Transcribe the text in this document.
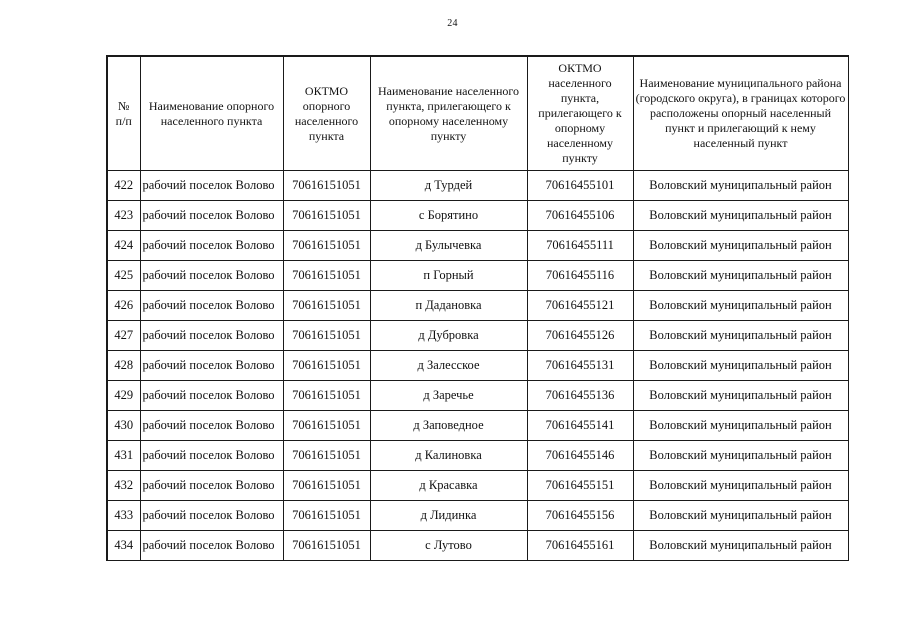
24
№
п/п	Наименование опорного населенного пункта	ОКТМО опорного населенного пункта	Наименование населенного пункта, прилегающего к опорному населенному пункту	ОКТМО населенного пункта, прилегающего к опорному населенному пункту	Наименование муниципального района (городского округа), в границах которого расположены опорный населенный пункт и прилегающий к нему населенный пункт
422	рабочий поселок Волово	70616151051	д Турдей	70616455101	Воловский муниципальный район
423	рабочий поселок Волово	70616151051	с Борятино	70616455106	Воловский муниципальный район
424	рабочий поселок Волово	70616151051	д Булычевка	70616455111	Воловский муниципальный район
425	рабочий поселок Волово	70616151051	п Горный	70616455116	Воловский муниципальный район
426	рабочий поселок Волово	70616151051	п Дадановка	70616455121	Воловский муниципальный район
427	рабочий поселок Волово	70616151051	д Дубровка	70616455126	Воловский муниципальный район
428	рабочий поселок Волово	70616151051	д Залесское	70616455131	Воловский муниципальный район
429	рабочий поселок Волово	70616151051	д Заречье	70616455136	Воловский муниципальный район
430	рабочий поселок Волово	70616151051	д Заповедное	70616455141	Воловский муниципальный район
431	рабочий поселок Волово	70616151051	д Калиновка	70616455146	Воловский муниципальный район
432	рабочий поселок Волово	70616151051	д Красавка	70616455151	Воловский муниципальный район
433	рабочий поселок Волово	70616151051	д Лидинка	70616455156	Воловский муниципальный район
434	рабочий поселок Волово	70616151051	с Лутово	70616455161	Воловский муниципальный район
